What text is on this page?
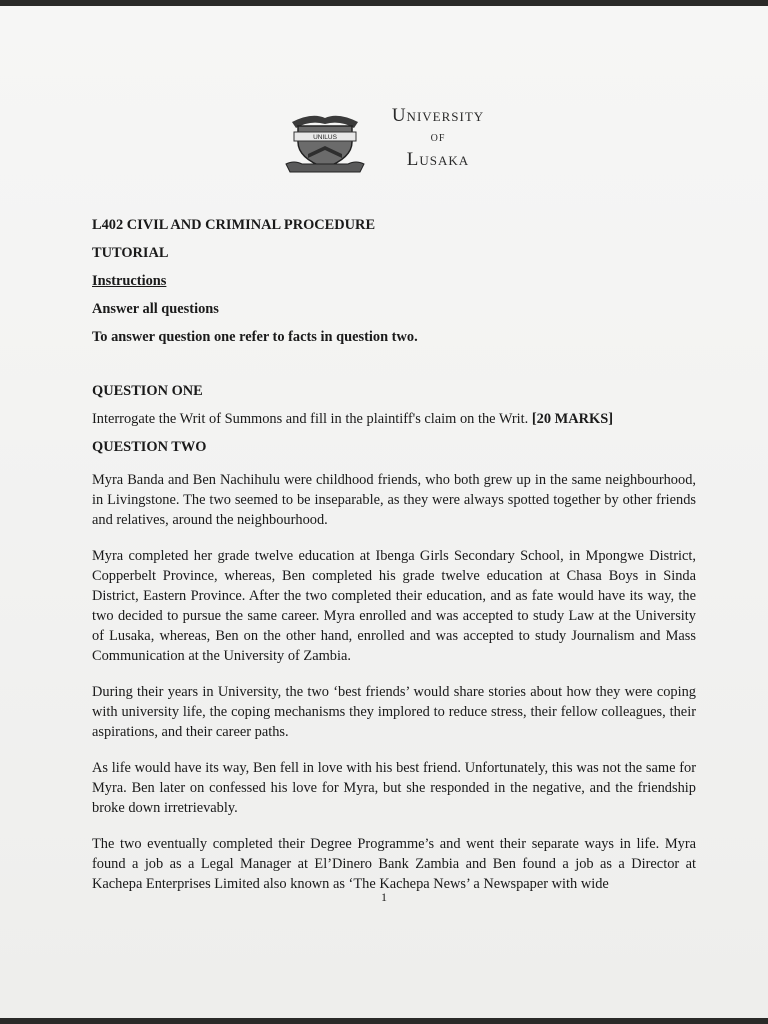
UNILUS
University
of
Lusaka

L402 CIVIL AND CRIMINAL PROCEDURE

TUTORIAL

Instructions

Answer all questions

To answer question one refer to facts in question two.

QUESTION ONE

Interrogate the Writ of Summons and fill in the plaintiff's claim on the Writ. [20 MARKS]

QUESTION TWO

Myra Banda and Ben Nachihulu were childhood friends, who both grew up in the same neighbourhood, in Livingstone. The two seemed to be inseparable, as they were always spotted together by other friends and relatives, around the neighbourhood.

Myra completed her grade twelve education at Ibenga Girls Secondary School, in Mpongwe District, Copperbelt Province, whereas, Ben completed his grade twelve education at Chasa Boys in Sinda District, Eastern Province. After the two completed their education, and as fate would have its way, the two decided to pursue the same career. Myra enrolled and was accepted to study Law at the University of Lusaka, whereas, Ben on the other hand, enrolled and was accepted to study Journalism and Mass Communication at the University of Zambia.

During their years in University, the two ‘best friends’ would share stories about how they were coping with university life, the coping mechanisms they implored to reduce stress, their fellow colleagues, their aspirations, and their career paths.

As life would have its way, Ben fell in love with his best friend. Unfortunately, this was not the same for Myra. Ben later on confessed his love for Myra, but she responded in the negative, and the friendship broke down irretrievably.

The two eventually completed their Degree Programme’s and went their separate ways in life. Myra found a job as a Legal Manager at El’Dinero Bank Zambia and Ben found a job as a Director at Kachepa Enterprises Limited also known as ‘The Kachepa News’ a Newspaper with wide

1
